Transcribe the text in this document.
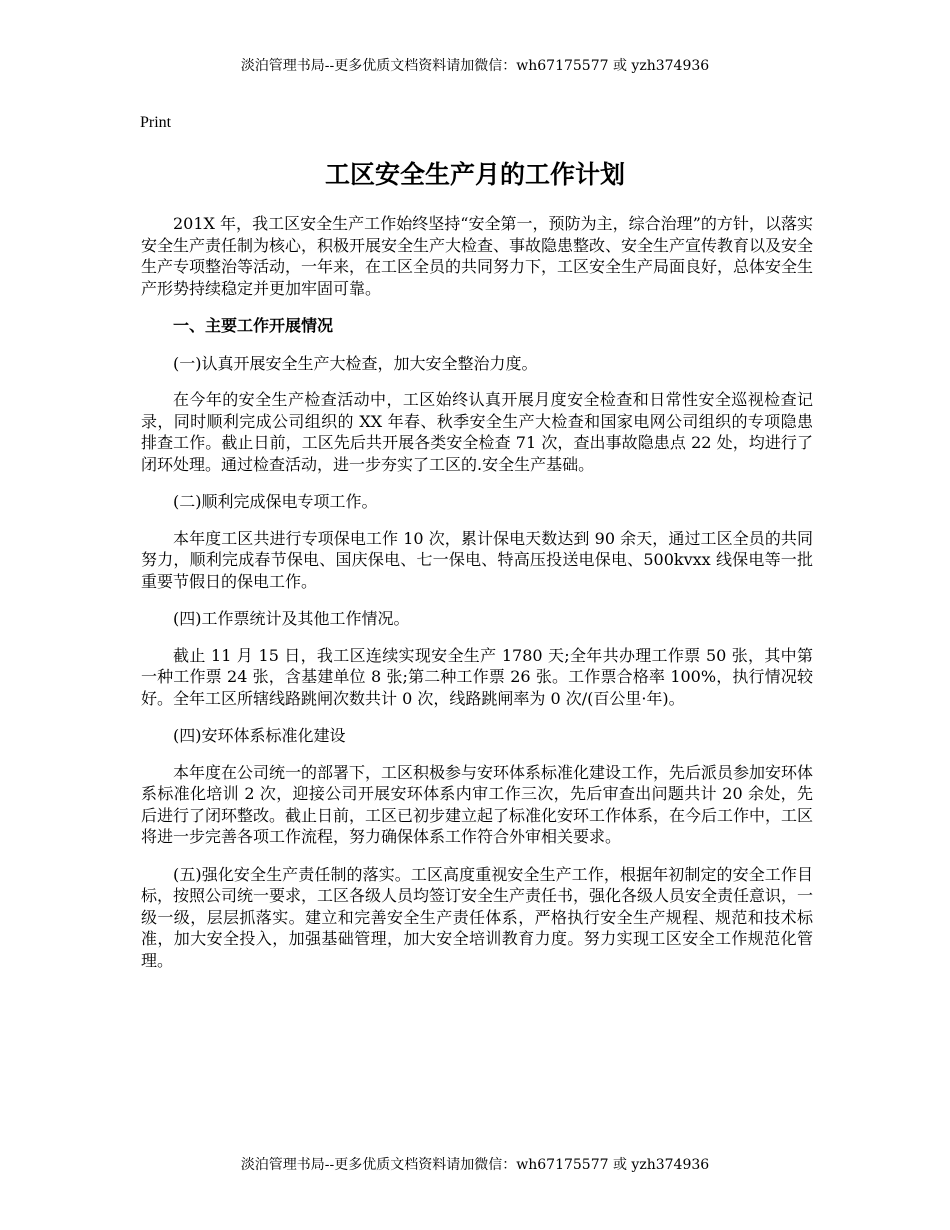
淡泊管理书局--更多优质文档资料请加微信：wh67175577 或 yzh374936
Print
工区安全生产月的工作计划

201X 年，我工区安全生产工作始终坚持“安全第一，预防为主，综合治理”的方针，以落实安全生产责任制为核心，积极开展安全生产大检查、事故隐患整改、安全生产宣传教育以及安全生产专项整治等活动，一年来，在工区全员的共同努力下，工区安全生产局面良好，总体安全生产形势持续稳定并更加牢固可靠。

一、主要工作开展情况

(一)认真开展安全生产大检查，加大安全整治力度。

在今年的安全生产检查活动中，工区始终认真开展月度安全检查和日常性安全巡视检查记录，同时顺利完成公司组织的 XX 年春、秋季安全生产大检查和国家电网公司组织的专项隐患排查工作。截止日前，工区先后共开展各类安全检查 71 次，查出事故隐患点 22 处，均进行了闭环处理。通过检查活动，进一步夯实了工区的.安全生产基础。

(二)顺利完成保电专项工作。

本年度工区共进行专项保电工作 10 次，累计保电天数达到 90 余天，通过工区全员的共同努力，顺利完成春节保电、国庆保电、七一保电、特高压投送电保电、500kvxx 线保电等一批重要节假日的保电工作。

(四)工作票统计及其他工作情况。

截止 11 月 15 日，我工区连续实现安全生产 1780 天;全年共办理工作票 50 张，其中第一种工作票 24 张，含基建单位 8 张;第二种工作票 26 张。工作票合格率 100%，执行情况较好。全年工区所辖线路跳闸次数共计 0 次，线路跳闸率为 0 次/(百公里·年)。

(四)安环体系标准化建设

本年度在公司统一的部署下，工区积极参与安环体系标准化建设工作，先后派员参加安环体系标准化培训 2 次，迎接公司开展安环体系内审工作三次，先后审查出问题共计 20 余处，先后进行了闭环整改。截止日前，工区已初步建立起了标准化安环工作体系，在今后工作中，工区将进一步完善各项工作流程，努力确保体系工作符合外审相关要求。

(五)强化安全生产责任制的落实。工区高度重视安全生产工作，根据年初制定的安全工作目标，按照公司统一要求，工区各级人员均签订安全生产责任书，强化各级人员安全责任意识，一级一级，层层抓落实。建立和完善安全生产责任体系，严格执行安全生产规程、规范和技术标准，加大安全投入，加强基础管理，加大安全培训教育力度。努力实现工区安全工作规范化管理。

淡泊管理书局--更多优质文档资料请加微信：wh67175577 或 yzh374936
